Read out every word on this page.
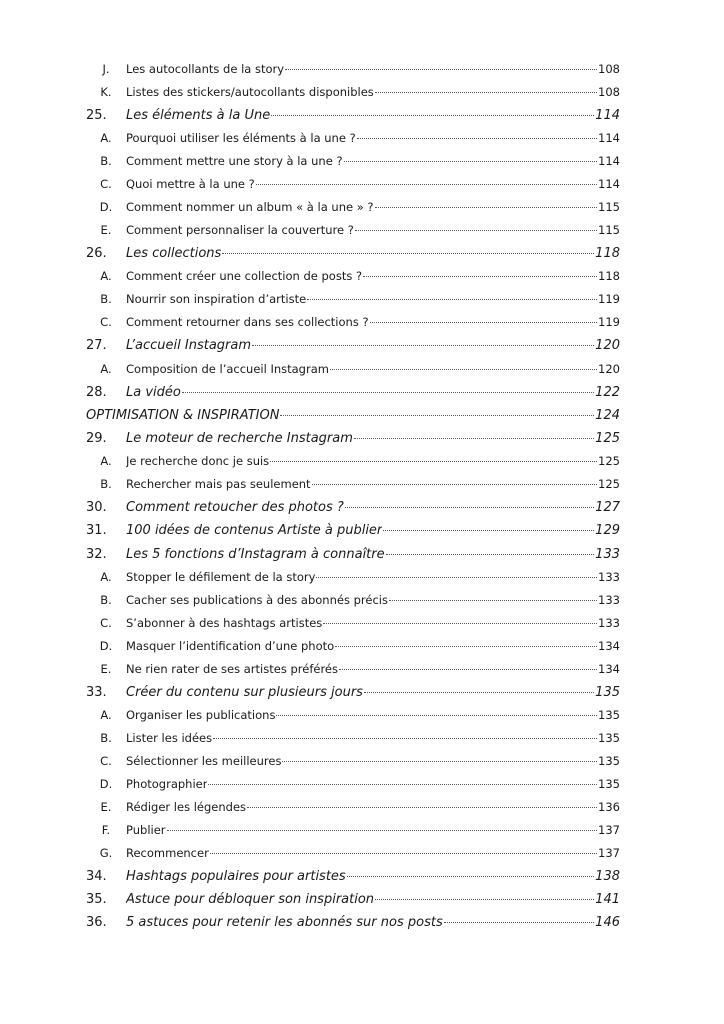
J.	Les autocollants de la story	108
K.	Listes des stickers/autocollants disponibles	108
25.	Les éléments à la Une	114
A.	Pourquoi utiliser les éléments à la une ?	114
B.	Comment mettre une story à la une ?	114
C.	Quoi mettre à la une ?	114
D.	Comment nommer un album « à la une » ?	115
E.	Comment personnaliser la couverture ?	115
26.	Les collections	118
A.	Comment créer une collection de posts ?	118
B.	Nourrir son inspiration d’artiste	119
C.	Comment retourner dans ses collections ?	119
27.	L’accueil Instagram	120
A.	Composition de l’accueil Instagram	120
28.	La vidéo	122
OPTIMISATION & INSPIRATION	124
29.	Le moteur de recherche Instagram	125
A.	Je recherche donc je suis	125
B.	Rechercher mais pas seulement	125
30.	Comment retoucher des photos ?	127
31.	100 idées de contenus Artiste à publier	129
32.	Les 5 fonctions d’Instagram à connaître	133
A.	Stopper le défilement de la story	133
B.	Cacher ses publications à des abonnés précis	133
C.	S’abonner à des hashtags artistes	133
D.	Masquer l’identification d’une photo	134
E.	Ne rien rater de ses artistes préférés	134
33.	Créer du contenu sur plusieurs jours	135
A.	Organiser les publications	135
B.	Lister les idées	135
C.	Sélectionner les meilleures	135
D.	Photographier	135
E.	Rédiger les légendes	136
F.	Publier	137
G.	Recommencer	137
34.	Hashtags populaires pour artistes	138
35.	Astuce pour débloquer son inspiration	141
36.	5 astuces pour retenir les abonnés sur nos posts	146
